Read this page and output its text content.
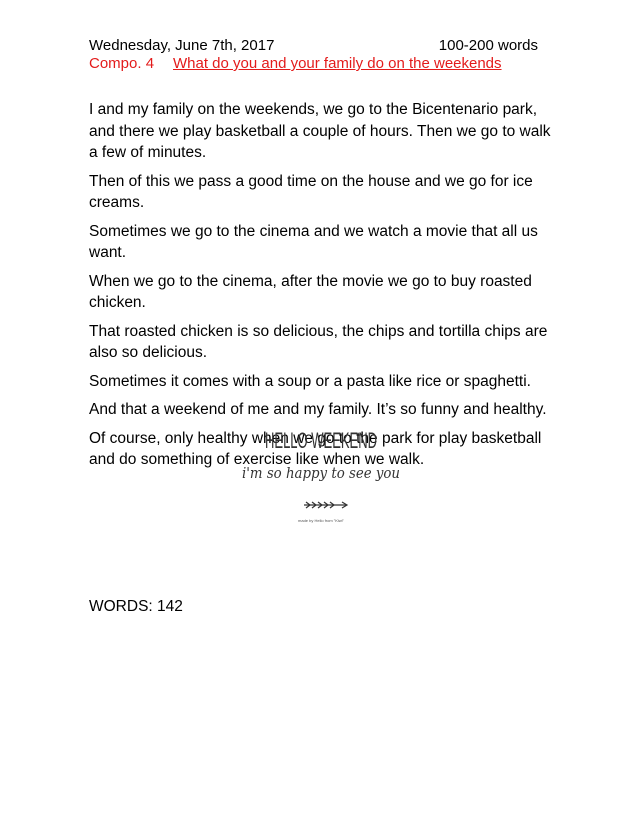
Wednesday, June 7th, 2017	100-200 words
Compo. 4 What do you and your family do on the weekends

I and my family on the weekends, we go to the Bicentenario park, and there we play basketball a couple of hours. Then we go to walk a few of minutes.

Then of this we pass a good time on the house and we go for ice creams.

Sometimes we go to the cinema and we watch a movie that all us want.

When we go to the cinema, after the movie we go to buy roasted chicken.

That roasted chicken is so delicious, the chips and tortilla chips are also so delicious.

Sometimes it comes with a soup or a pasta like rice or spaghetti.

And that a weekend of me and my family. It’s so funny and healthy.

Of course, only healthy when we go to the park for play basketball and do something of exercise like when we walk.

HELLO WEEKEND
i'm so happy to see you
made by Hello from "Kiwi"
WORDS: 142
